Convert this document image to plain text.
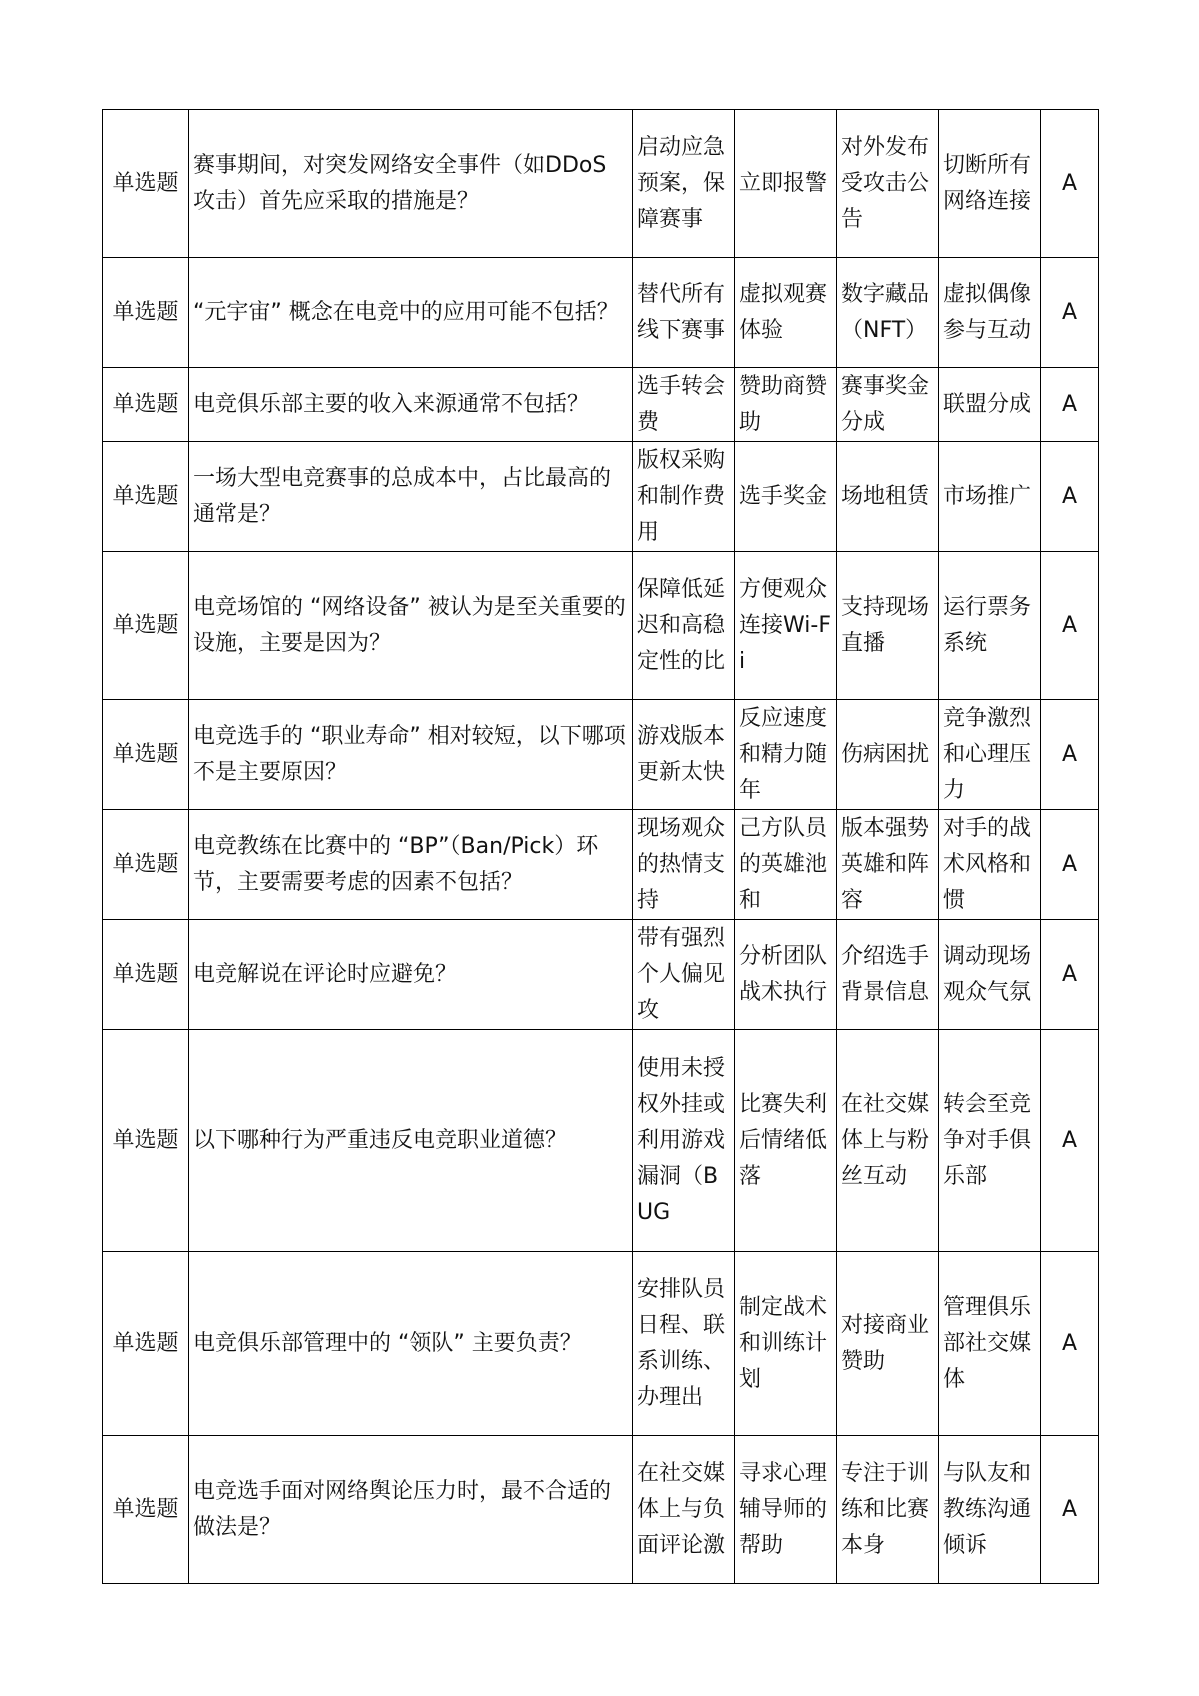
单选题	赛事期间，对突发网络安全事件（如DDoS 攻击）首先应采取的措施是？	启动应急预案，保障赛事	立即报警	对外发布受攻击公告	切断所有网络连接	A

单选题	“元宇宙” 概念在电竞中的应用可能不包括？	替代所有线下赛事	虚拟观赛体验	数字藏品（NFT）	虚拟偶像参与互动	A

单选题	电竞俱乐部主要的收入来源通常不包括？	选手转会费	赞助商赞助	赛事奖金分成	联盟分成	A

单选题	一场大型电竞赛事的总成本中，占比最高的通常是？	版权采购和制作费用	选手奖金	场地租赁	市场推广	A

单选题	电竞场馆的 “网络设备” 被认为是至关重要的设施，主要是因为？	保障低延迟和高稳定性的比	方便观众连接Wi-Fi	支持现场直播	运行票务系统	A

单选题	电竞选手的 “职业寿命” 相对较短，以下哪项不是主要原因？	游戏版本更新太快	反应速度和精力随年	伤病困扰	竞争激烈和心理压力	A

单选题	电竞教练在比赛中的 “BP”（Ban/Pick）环节，主要需要考虑的因素不包括？	现场观众的热情支持	己方队员的英雄池和	版本强势英雄和阵容	对手的战术风格和惯	A

单选题	电竞解说在评论时应避免？	带有强烈个人偏见攻	分析团队战术执行	介绍选手背景信息	调动现场观众气氛	A

单选题	以下哪种行为严重违反电竞职业道德？	使用未授权外挂或利用游戏漏洞（BUG	比赛失利后情绪低落	在社交媒体上与粉丝互动	转会至竞争对手俱乐部	A

单选题	电竞俱乐部管理中的 “领队” 主要负责？	安排队员日程、联系训练、办理出	制定战术和训练计划	对接商业赞助	管理俱乐部社交媒体	A

单选题	电竞选手面对网络舆论压力时，最不合适的做法是？	在社交媒体上与负面评论激	寻求心理辅导师的帮助	专注于训练和比赛本身	与队友和教练沟通倾诉	A
